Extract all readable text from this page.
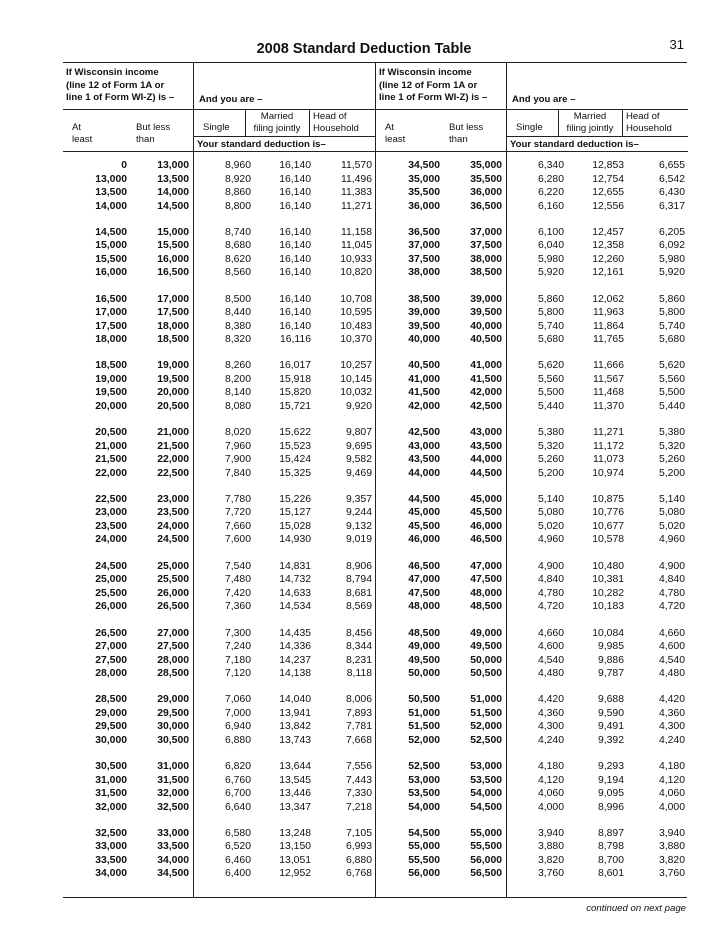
31
2008 Standard Deduction Table
If Wisconsin income
(line 12 of Form 1A or
line 1 of Form WI-Z) is –	And you are –
At
least
But less
than
Single
Married
filing jointly
Head of
Household
Your standard deduction is–
0	13,000	8,960	16,140	11,570
13,000	13,500	8,920	16,140	11,496
13,500	14,000	8,860	16,140	11,383
14,000	14,500	8,800	16,140	11,271
14,500	15,000	8,740	16,140	11,158
15,000	15,500	8,680	16,140	11,045
15,500	16,000	8,620	16,140	10,933
16,000	16,500	8,560	16,140	10,820
16,500	17,000	8,500	16,140	10,708
17,000	17,500	8,440	16,140	10,595
17,500	18,000	8,380	16,140	10,483
18,000	18,500	8,320	16,116	10,370
18,500	19,000	8,260	16,017	10,257
19,000	19,500	8,200	15,918	10,145
19,500	20,000	8,140	15,820	10,032
20,000	20,500	8,080	15,721	9,920
20,500	21,000	8,020	15,622	9,807
21,000	21,500	7,960	15,523	9,695
21,500	22,000	7,900	15,424	9,582
22,000	22,500	7,840	15,325	9,469
22,500	23,000	7,780	15,226	9,357
23,000	23,500	7,720	15,127	9,244
23,500	24,000	7,660	15,028	9,132
24,000	24,500	7,600	14,930	9,019
24,500	25,000	7,540	14,831	8,906
25,000	25,500	7,480	14,732	8,794
25,500	26,000	7,420	14,633	8,681
26,000	26,500	7,360	14,534	8,569
26,500	27,000	7,300	14,435	8,456
27,000	27,500	7,240	14,336	8,344
27,500	28,000	7,180	14,237	8,231
28,000	28,500	7,120	14,138	8,118
28,500	29,000	7,060	14,040	8,006
29,000	29,500	7,000	13,941	7,893
29,500	30,000	6,940	13,842	7,781
30,000	30,500	6,880	13,743	7,668
30,500	31,000	6,820	13,644	7,556
31,000	31,500	6,760	13,545	7,443
31,500	32,000	6,700	13,446	7,330
32,000	32,500	6,640	13,347	7,218
32,500	33,000	6,580	13,248	7,105
33,000	33,500	6,520	13,150	6,993
33,500	34,000	6,460	13,051	6,880
34,000	34,500	6,400	12,952	6,768
If Wisconsin income
(line 12 of Form 1A or
line 1 of Form WI-Z) is –	And you are –
At
least
But less
than
Single
Married
filing jointly
Head of
Household
Your standard deduction is–
34,500	35,000	6,340	12,853	6,655
35,000	35,500	6,280	12,754	6,542
35,500	36,000	6,220	12,655	6,430
36,000	36,500	6,160	12,556	6,317
36,500	37,000	6,100	12,457	6,205
37,000	37,500	6,040	12,358	6,092
37,500	38,000	5,980	12,260	5,980
38,000	38,500	5,920	12,161	5,920
38,500	39,000	5,860	12,062	5,860
39,000	39,500	5,800	11,963	5,800
39,500	40,000	5,740	11,864	5,740
40,000	40,500	5,680	11,765	5,680
40,500	41,000	5,620	11,666	5,620
41,000	41,500	5,560	11,567	5,560
41,500	42,000	5,500	11,468	5,500
42,000	42,500	5,440	11,370	5,440
42,500	43,000	5,380	11,271	5,380
43,000	43,500	5,320	11,172	5,320
43,500	44,000	5,260	11,073	5,260
44,000	44,500	5,200	10,974	5,200
44,500	45,000	5,140	10,875	5,140
45,000	45,500	5,080	10,776	5,080
45,500	46,000	5,020	10,677	5,020
46,000	46,500	4,960	10,578	4,960
46,500	47,000	4,900	10,480	4,900
47,000	47,500	4,840	10,381	4,840
47,500	48,000	4,780	10,282	4,780
48,000	48,500	4,720	10,183	4,720
48,500	49,000	4,660	10,084	4,660
49,000	49,500	4,600	9,985	4,600
49,500	50,000	4,540	9,886	4,540
50,000	50,500	4,480	9,787	4,480
50,500	51,000	4,420	9,688	4,420
51,000	51,500	4,360	9,590	4,360
51,500	52,000	4,300	9,491	4,300
52,000	52,500	4,240	9,392	4,240
52,500	53,000	4,180	9,293	4,180
53,000	53,500	4,120	9,194	4,120
53,500	54,000	4,060	9,095	4,060
54,000	54,500	4,000	8,996	4,000
54,500	55,000	3,940	8,897	3,940
55,000	55,500	3,880	8,798	3,880
55,500	56,000	3,820	8,700	3,820
56,000	56,500	3,760	8,601	3,760
continued on next page
